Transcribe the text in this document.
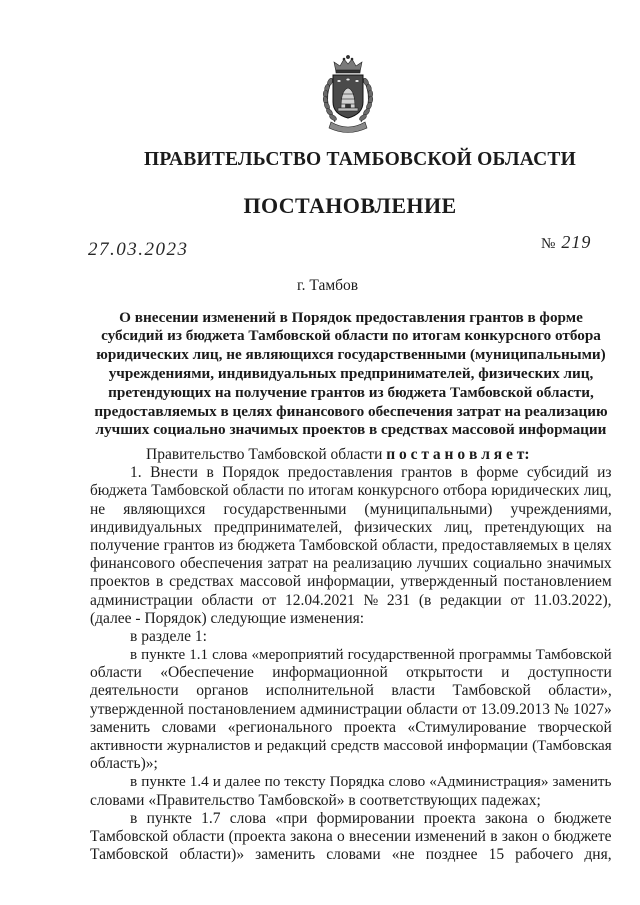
ПРАВИТЕЛЬСТВО ТАМБОВСКОЙ ОБЛАСТИ
ПОСТАНОВЛЕНИЕ
27.03.2023	№ 219
г. Тамбов
О внесении изменений в Порядок предоставления грантов в форме
субсидий из бюджета Тамбовской области по итогам конкурсного отбора
юридических лиц, не являющихся государственными (муниципальными)
учреждениями, индивидуальных предпринимателей, физических лиц,
претендующих на получение грантов из бюджета Тамбовской области,
предоставляемых в целях финансового обеспечения затрат на реализацию
лучших социально значимых проектов в средствах массовой информации
Правительство Тамбовской области п о с т а н о в л я е т:
1. Внести в Порядок предоставления грантов в форме субсидий из
бюджета Тамбовской области по итогам конкурсного отбора юридических лиц,
не являющихся государственными (муниципальными) учреждениями,
индивидуальных предпринимателей, физических лиц, претендующих на
получение грантов из бюджета Тамбовской области, предоставляемых в целях
финансового обеспечения затрат на реализацию лучших социально значимых
проектов в средствах массовой информации, утвержденный постановлением
администрации области от 12.04.2021 № 231 (в редакции от 11.03.2022),
(далее - Порядок) следующие изменения:
в разделе 1:
в пункте 1.1 слова «мероприятий государственной программы Тамбовской
области «Обеспечение информационной открытости и доступности
деятельности органов исполнительной власти Тамбовской области»,
утвержденной постановлением администрации области от 13.09.2013 № 1027»
заменить словами «регионального проекта «Стимулирование творческой
активности журналистов и редакций средств массовой информации (Тамбовская
область)»;
в пункте 1.4 и далее по тексту Порядка слово «Администрация» заменить
словами «Правительство Тамбовской» в соответствующих падежах;
в пункте 1.7 слова «при формировании проекта закона о бюджете
Тамбовской области (проекта закона о внесении изменений в закон о бюджете
Тамбовской области)» заменить словами «не позднее 15 рабочего дня,
